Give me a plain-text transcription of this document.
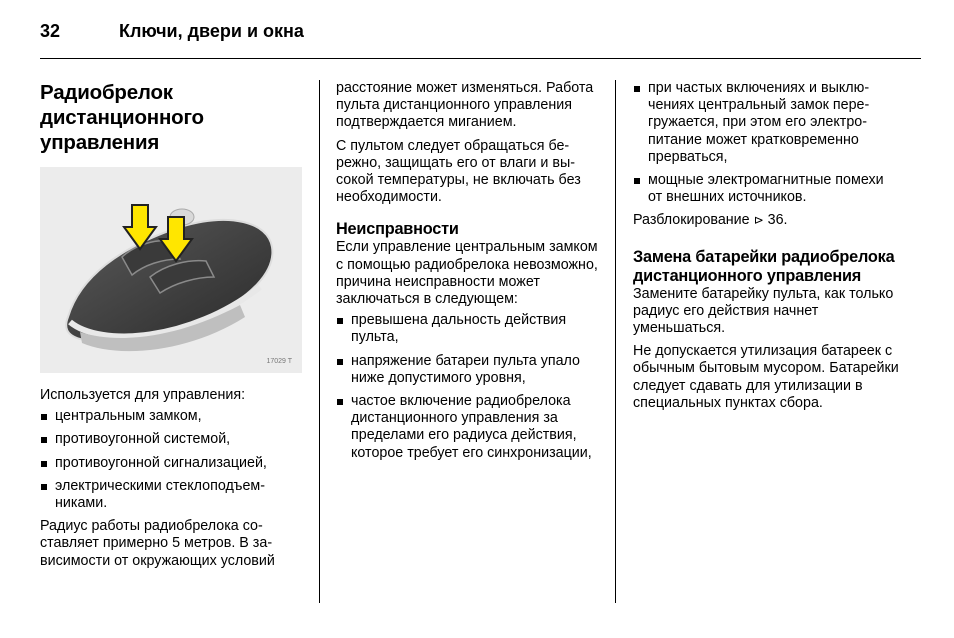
32	Ключи, двери и окна

Радиобрелок дистанционного управления

17029 T

Используется для управления:

центральным замком,
противоугонной системой,
противоугонной сигнализацией,
электрическими стеклоподъемниками.

Радиус работы радиобрелока составляет примерно 5 метров. В зависимости от окружающих условий

расстояние может изменяться. Работа пульта дистанционного управления подтверждается миганием.

С пультом следует обращаться бережно, защищать его от влаги и высокой температуры, не включать без необходимости.

Неисправности

Если управление центральным замком с помощью радиобрелока невозможно, причина неисправности может заключаться в следующем:

превышена дальность действия пульта,
напряжение батареи пульта упало ниже допустимого уровня,
частое включение радиобрелока дистанционного управления за пределами его радиуса действия, которое требует его синхронизации,
при частых включениях и выключениях центральный замок перегружается, при этом его электропитание может кратковременно прерваться,
мощные электромагнитные помехи от внешних источников.

Разблокирование ⊳ 36.

Замена батарейки радиобрелока дистанционного управления

Замените батарейку пульта, как только радиус его действия начнет уменьшаться.

Не допускается утилизация батареек с обычным бытовым мусором. Батарейки следует сдавать для утилизации в специальных пунктах сбора.
